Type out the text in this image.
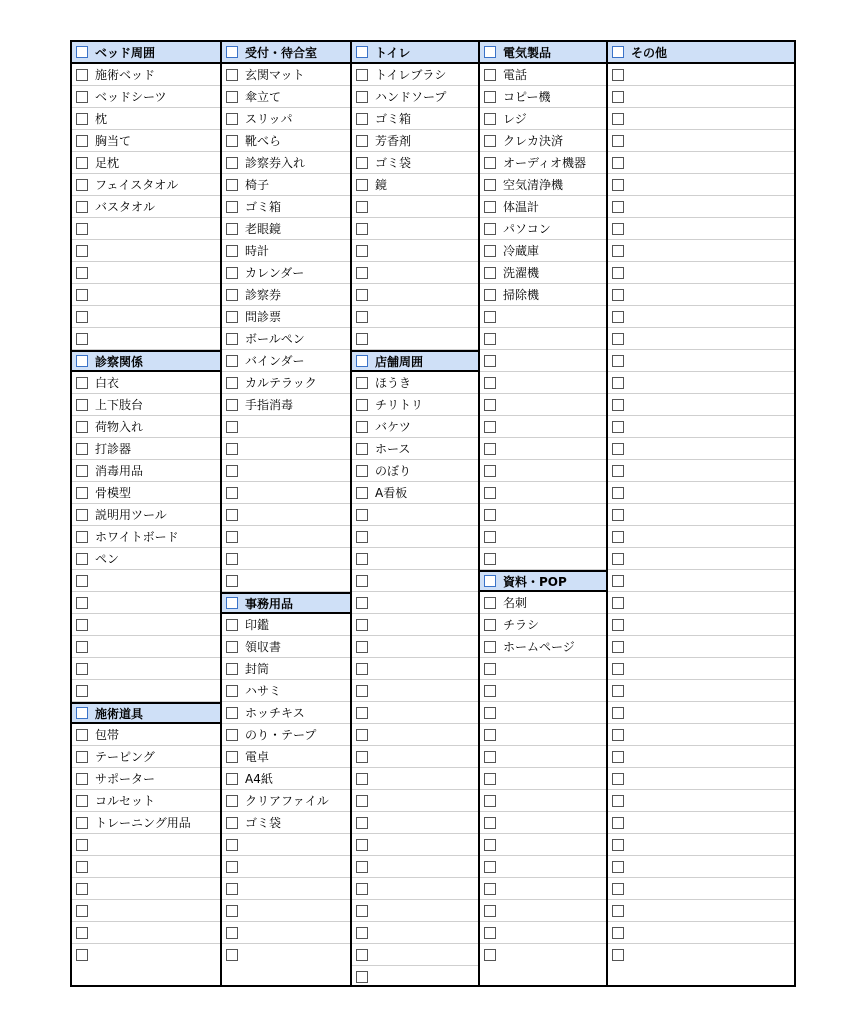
ベッド周囲
施術ベッド
ベッドシーツ
枕
胸当て
足枕
フェイスタオル
バスタオル
診察関係
白衣
上下肢台
荷物入れ
打診器
消毒用品
骨模型
説明用ツール
ホワイトボード
ペン
施術道具
包帯
テーピング
サポーター
コルセット
トレーニング用品
受付・待合室
玄関マット
傘立て
スリッパ
靴べら
診察券入れ
椅子
ゴミ箱
老眼鏡
時計
カレンダー
診察券
問診票
ボールペン
バインダー
カルテラック
手指消毒
事務用品
印鑑
領収書
封筒
ハサミ
ホッチキス
のり・テープ
電卓
A4紙
クリアファイル
ゴミ袋
トイレ
トイレブラシ
ハンドソープ
ゴミ箱
芳香剤
ゴミ袋
鏡
店舗周囲
ほうき
チリトリ
バケツ
ホース
のぼり
A看板
電気製品
電話
コピー機
レジ
クレカ決済
オーディオ機器
空気清浄機
体温計
パソコン
冷蔵庫
洗濯機
掃除機
資料・POP
名刺
チラシ
ホームページ
その他
